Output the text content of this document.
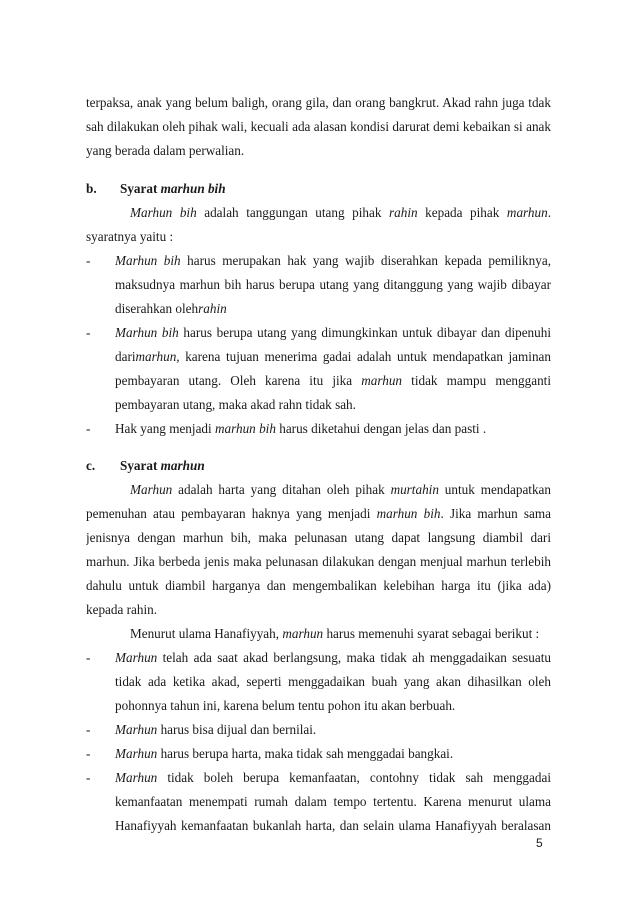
terpaksa, anak yang belum baligh, orang gila, dan orang bangkrut. Akad rahn juga tdak
sah dilakukan oleh pihak wali, kecuali ada alasan kondisi darurat demi kebaikan si anak
yang berada dalam perwalian.
b. Syarat marhun bih
Marhun bih adalah tanggungan utang pihak rahin kepada pihak marhun.
syaratnya yaitu :
- Marhun bih harus merupakan hak yang wajib diserahkan kepada pemiliknya,
maksudnya marhun bih harus berupa utang yang ditanggung yang wajib dibayar
diserahkan olehrahin
- Marhun bih harus berupa utang yang dimungkinkan untuk dibayar dan dipenuhi
darimarhun, karena tujuan menerima gadai adalah untuk mendapatkan jaminan
pembayaran utang. Oleh karena itu jika marhun tidak mampu mengganti
pembayaran utang, maka akad rahn tidak sah.
- Hak yang menjadi marhun bih harus diketahui dengan jelas dan pasti .
c. Syarat marhun
Marhun adalah harta yang ditahan oleh pihak murtahin untuk mendapatkan
pemenuhan atau pembayaran haknya yang menjadi marhun bih. Jika marhun sama
jenisnya dengan marhun bih, maka pelunasan utang dapat langsung diambil dari
marhun. Jika berbeda jenis maka pelunasan dilakukan dengan menjual marhun terlebih
dahulu untuk diambil harganya dan mengembalikan kelebihan harga itu (jika ada)
kepada rahin.
Menurut ulama Hanafiyyah, marhun harus memenuhi syarat sebagai berikut :
- Marhun telah ada saat akad berlangsung, maka tidak ah menggadaikan sesuatu
tidak ada ketika akad, seperti menggadaikan buah yang akan dihasilkan oleh
pohonnya tahun ini, karena belum tentu pohon itu akan berbuah.
- Marhun harus bisa dijual dan bernilai.
- Marhun harus berupa harta, maka tidak sah menggadai bangkai.
- Marhun tidak boleh berupa kemanfaatan, contohny tidak sah menggadai
kemanfaatan menempati rumah dalam tempo tertentu. Karena menurut ulama
Hanafiyyah kemanfaatan bukanlah harta, dan selain ulama Hanafiyyah beralasan
5
